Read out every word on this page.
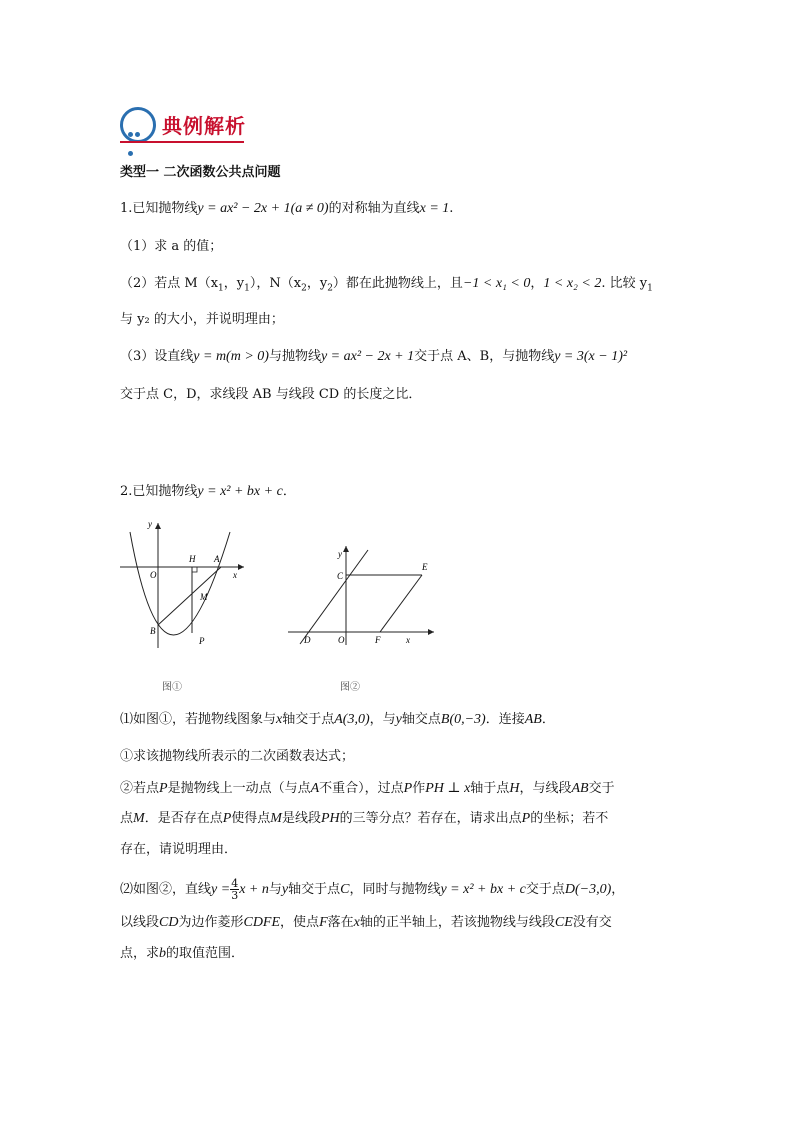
典例解析
类型一 二次函数公共点问题
1.已知抛物线y = ax² − 2x + 1(a ≠ 0)的对称轴为直线x = 1.
（1）求 a 的值；
（2）若点 $M(x_1$，$y_1$），$N(x_2$，$y_2$）都在此抛物线上，且−1 < x₁ < 0，1 < x₂ < 2. 比较 $y_1$
与 y₂ 的大小，并说明理由；
（3）设直线y = m(m > 0)与抛物线y = ax² − 2x + 1交于点 A、B，与抛物线y = 3(x − 1)²
交于点 C，D，求线段 AB 与线段 CD 的长度之比．
2.已知抛物线y = x² + bx + c．
y
x
O
H A
M
B
P
图①
y
x
O
C
E
D	F
图②
⑴如图①，若抛物线图象与x轴交于点A(3,0)，与y轴交点B(0,−3)．连接AB．
①求该抛物线所表示的二次函数表达式；
②若点P是抛物线上一动点（与点A不重合），过点P作PH ⊥ x轴于点H，与线段AB交于
点M．是否存在点P使得点M是线段PH的三等分点？若存在，请求出点P的坐标；若不
存在，请说明理由．
⑵如图②，直线$y = \frac{4}{3}$ x + n与y轴交于点C，同时与抛物线y = x² + bx + c交于点D(−3,0)，
以线段CD为边作菱形CDFE，使点F落在x轴的正半轴上，若该抛物线与线段CE没有交
点，求b的取值范围．
